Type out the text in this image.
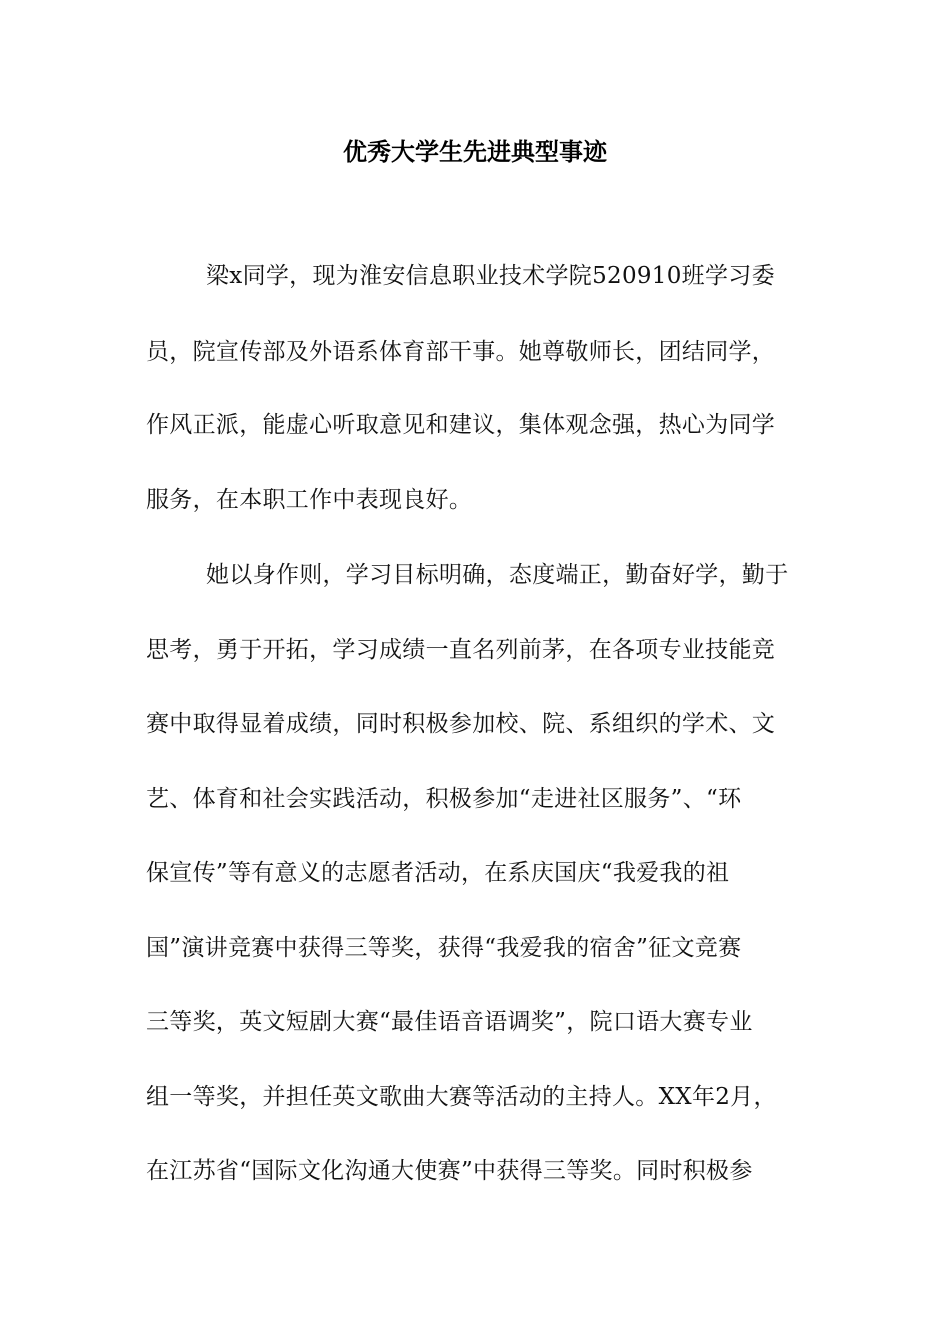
优秀大学生先进典型事迹

梁x同学，现为淮安信息职业技术学院520910班学习委

员，院宣传部及外语系体育部干事。她尊敬师长，团结同学，

作风正派，能虚心听取意见和建议，集体观念强，热心为同学

服务，在本职工作中表现良好。

她以身作则，学习目标明确，态度端正，勤奋好学，勤于

思考，勇于开拓，学习成绩一直名列前茅，在各项专业技能竞

赛中取得显着成绩，同时积极参加校、院、系组织的学术、文

艺、体育和社会实践活动，积极参加“走进社区服务”、“环

保宣传”等有意义的志愿者活动，在系庆国庆“我爱我的祖

国”演讲竞赛中获得三等奖，获得“我爱我的宿舍”征文竞赛

三等奖，英文短剧大赛“最佳语音语调奖”，院口语大赛专业

组一等奖，并担任英文歌曲大赛等活动的主持人。XX年2月，

在江苏省“国际文化沟通大使赛”中获得三等奖。同时积极参
